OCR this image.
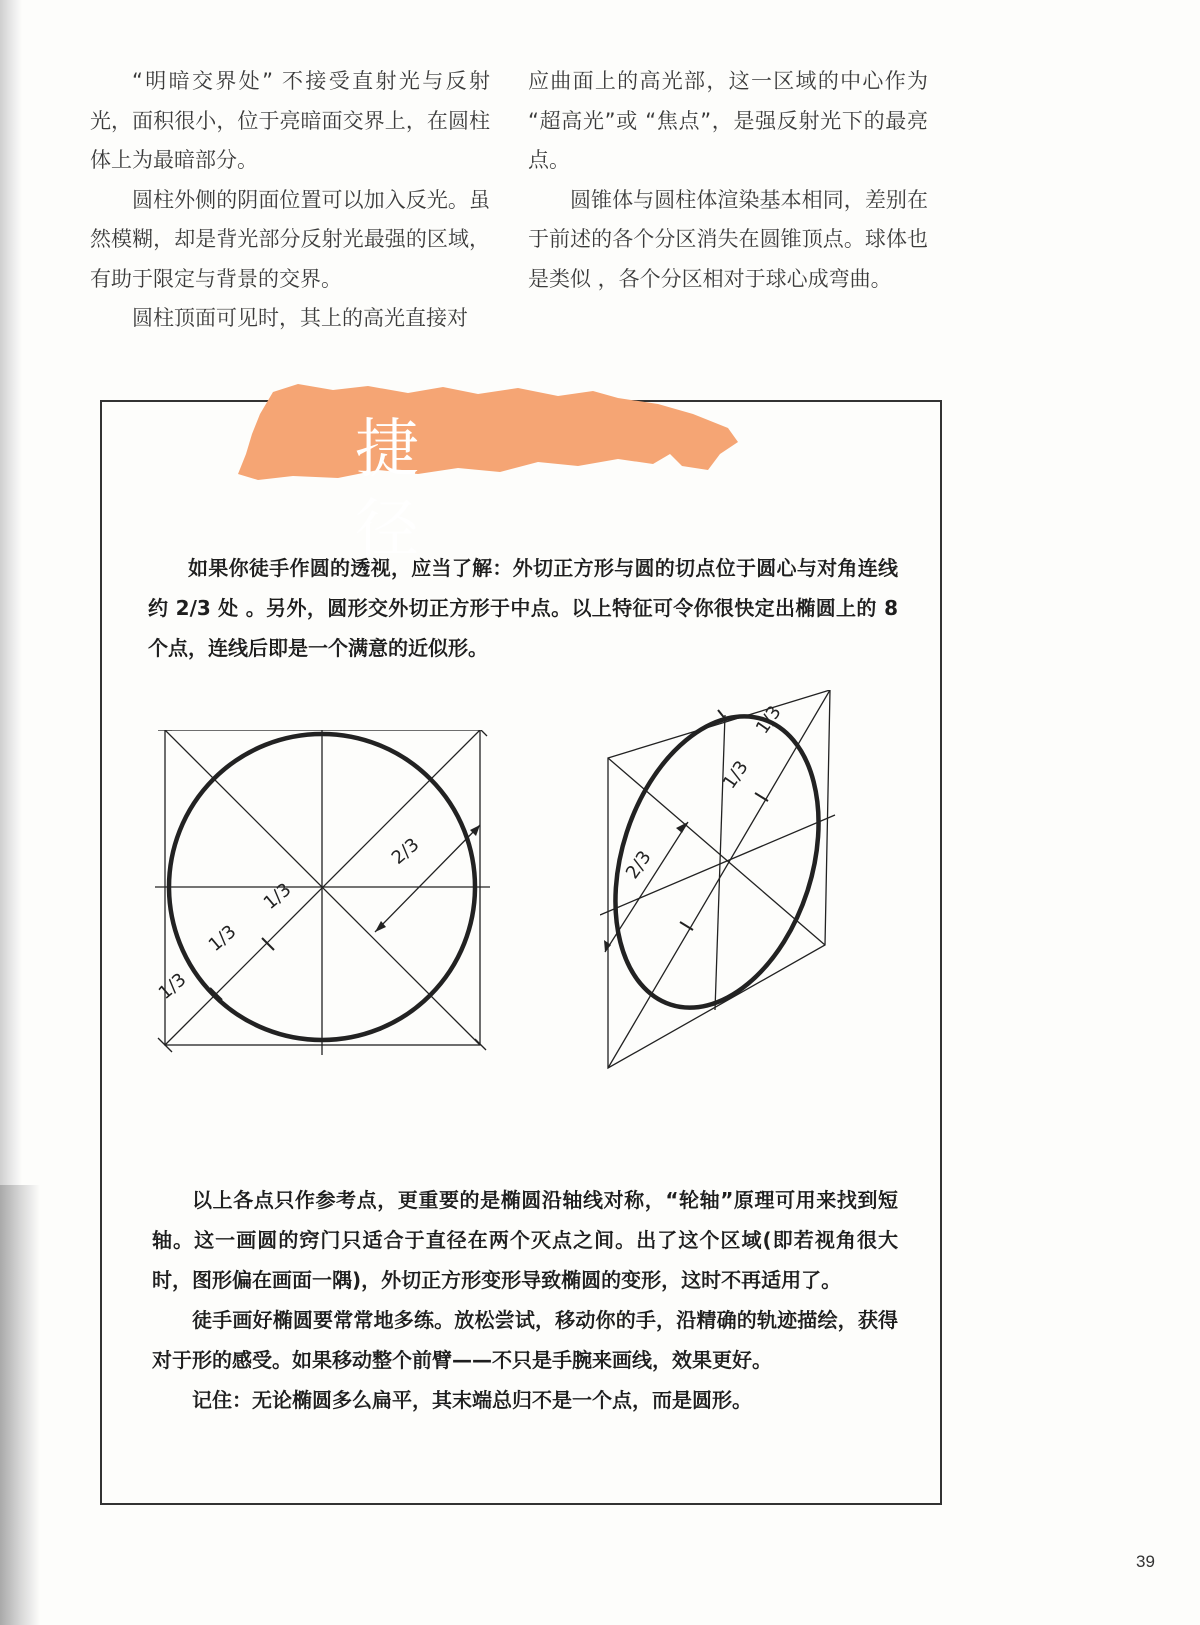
“明暗交界处” 不接受直射光与反射光，面积很小，位于亮暗面交界上，在圆柱体上为最暗部分。

圆柱外侧的阴面位置可以加入反光。虽然模糊，却是背光部分反射光最强的区域，有助于限定与背景的交界。

圆柱顶面可见时，其上的高光直接对

应曲面上的高光部，这一区域的中心作为 “超高光”或 “焦点”，是强反射光下的最亮点。

圆锥体与圆柱体渲染基本相同，差别在于前述的各个分区消失在圆锥顶点。球体也是类似 ，各个分区相对于球心成弯曲。

捷 径

如果你徒手作圆的透视，应当了解：外切正方形与圆的切点位于圆心与对角连线约 2/3 处 。另外，圆形交外切正方形于中点。以上特征可令你很快定出椭圆上的 8 个点，连线后即是一个满意的近似形。

2/3
1/3
1/3
1/3
1/3
1/3
2/3

以上各点只作参考点，更重要的是椭圆沿轴线对称，“轮轴”原理可用来找到短轴。这一画圆的窍门只适合于直径在两个灭点之间。出了这个区域(即若视角很大时，图形偏在画面一隅)，外切正方形变形导致椭圆的变形，这时不再适用了。

徒手画好椭圆要常常地多练。放松尝试，移动你的手，沿精确的轨迹描绘，获得对于形的感受。如果移动整个前臂——不只是手腕来画线，效果更好。

记住：无论椭圆多么扁平，其末端总归不是一个点，而是圆形。

39
